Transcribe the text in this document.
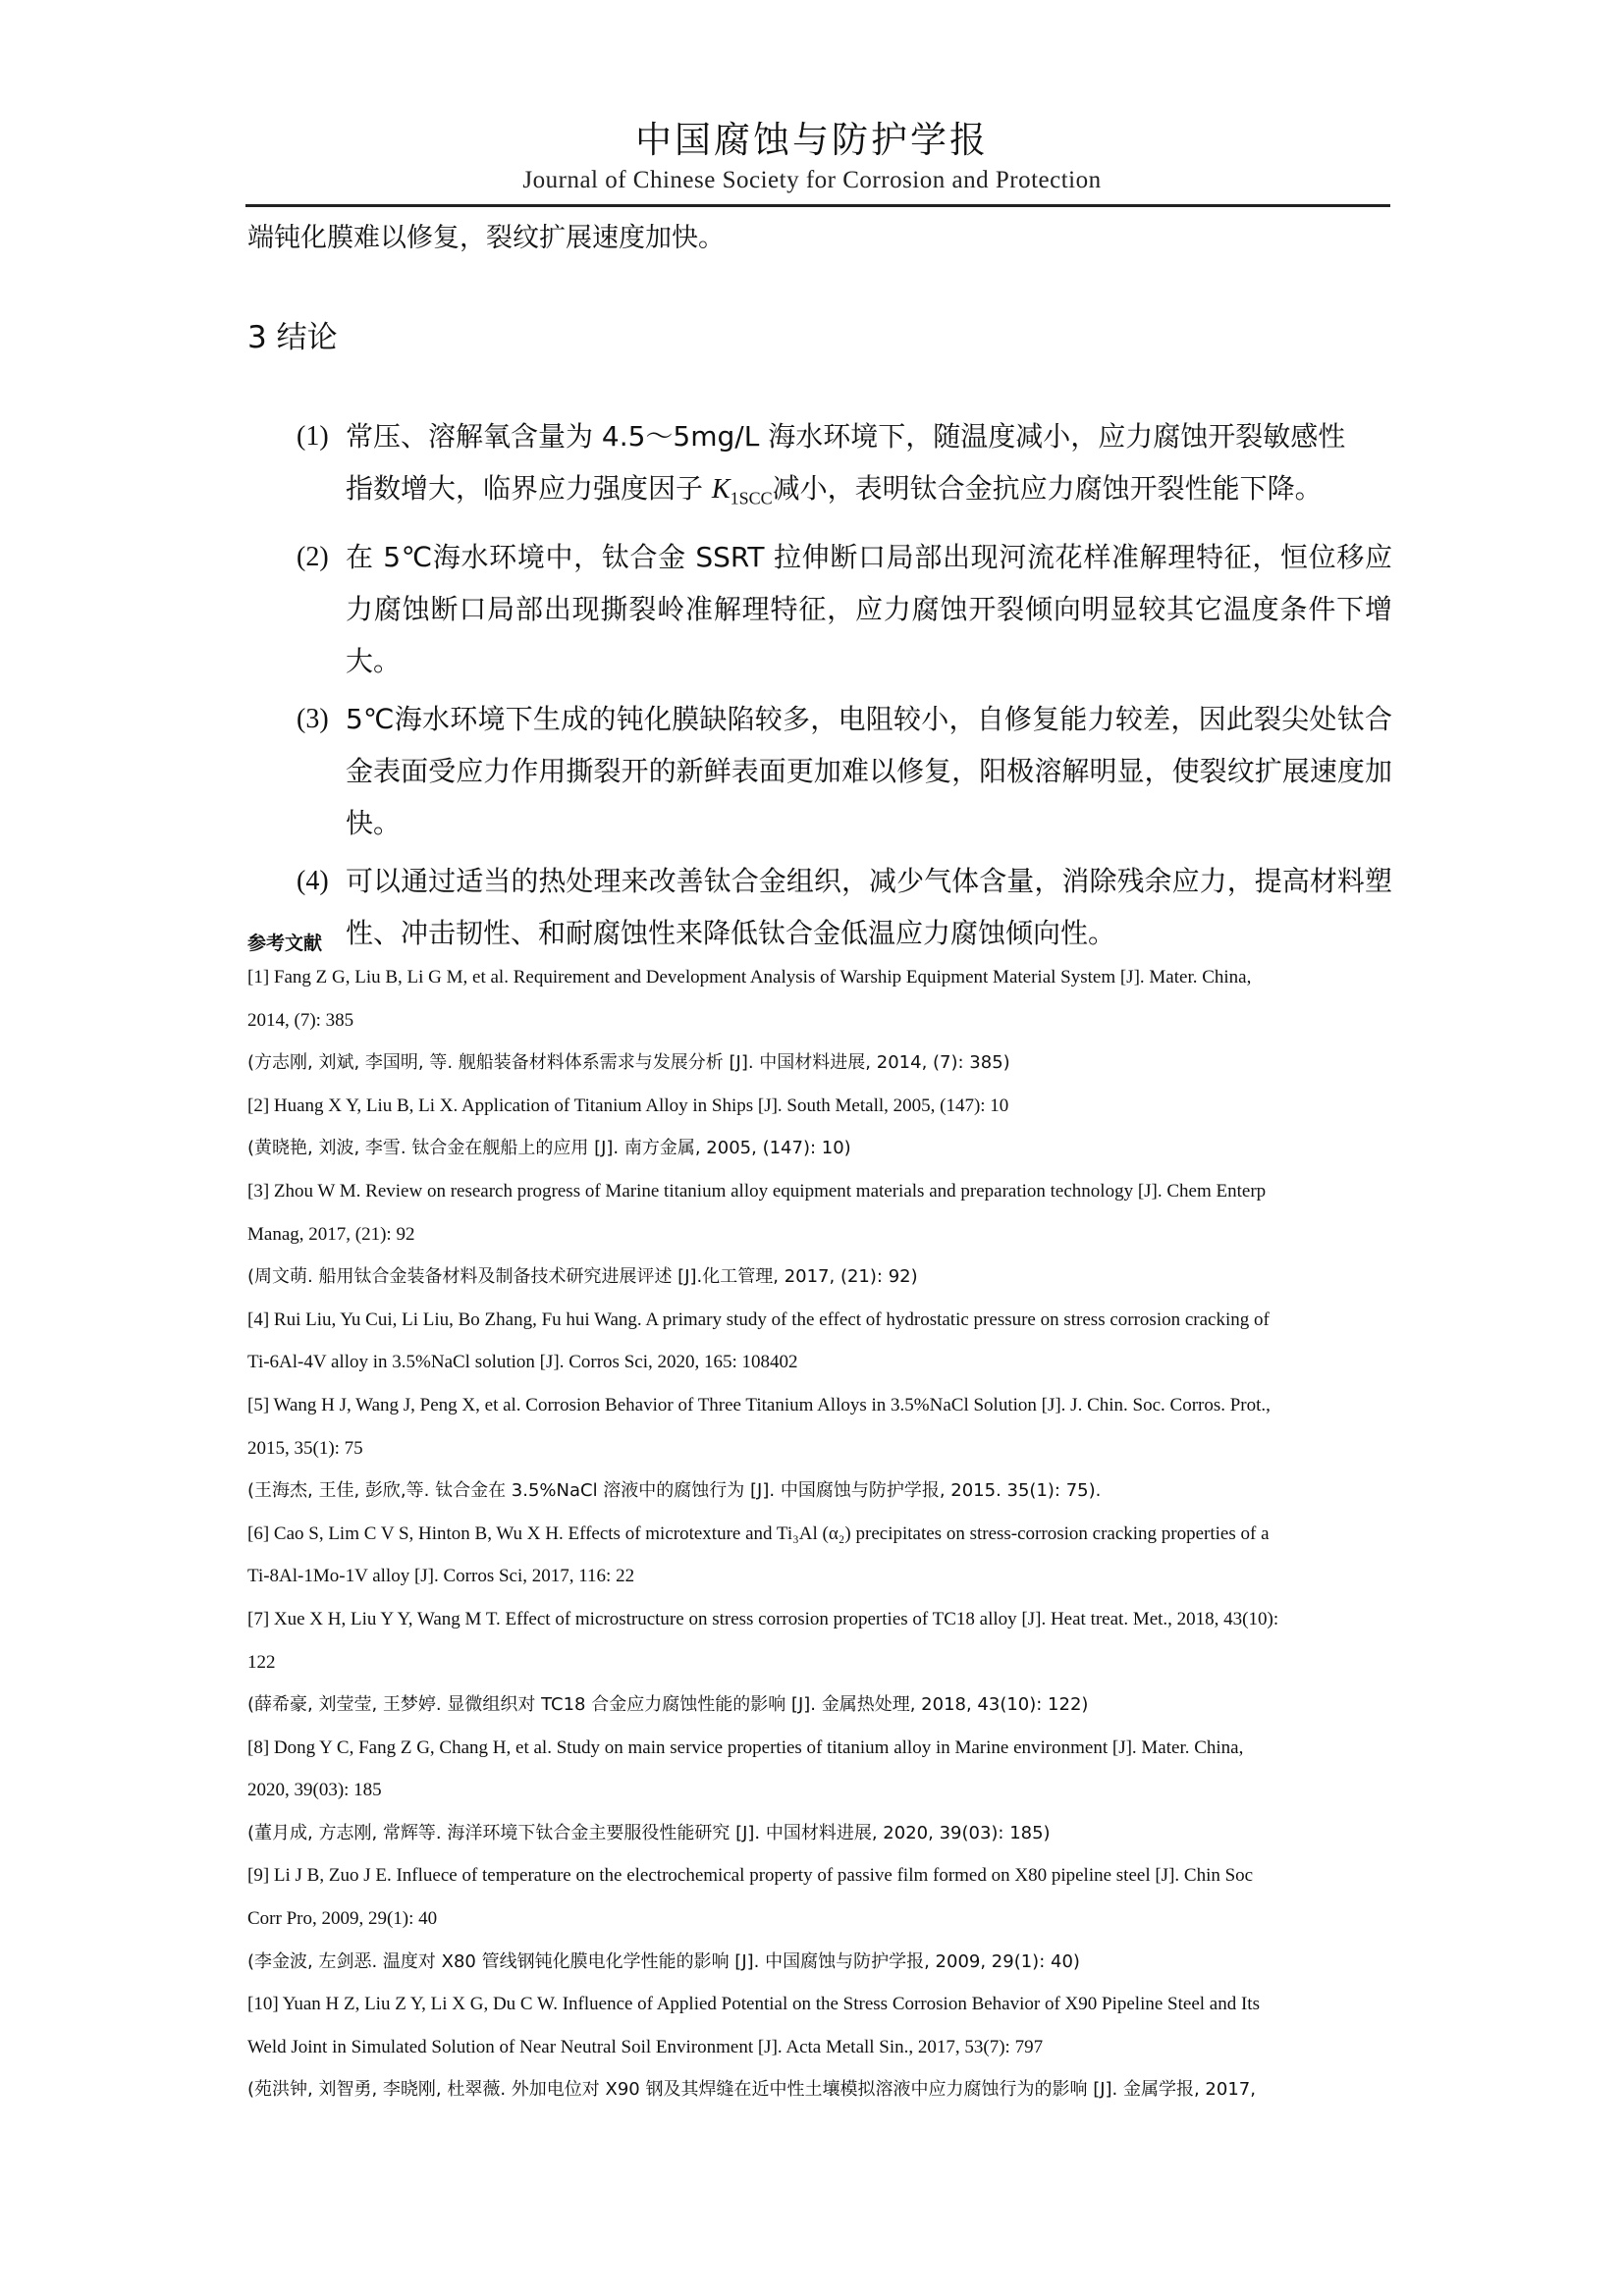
中国腐蚀与防护学报
Journal of Chinese Society for Corrosion and Protection
端钝化膜难以修复，裂纹扩展速度加快。
3 结论
(1) 常压、溶解氧含量为 4.5～5mg/L 海水环境下，随温度减小，应力腐蚀开裂敏感性
指数增大，临界应力强度因子 $K_{1SCC}$减小，表明钛合金抗应力腐蚀开裂性能下降。
(2) 在 5℃海水环境中，钛合金 SSRT 拉伸断口局部出现河流花样准解理特征，恒位移应力腐蚀断口局部出现撕裂岭准解理特征，应力腐蚀开裂倾向明显较其它温度条件下增大。
(3) 5℃海水环境下生成的钝化膜缺陷较多，电阻较小，自修复能力较差，因此裂尖处钛合金表面受应力作用撕裂开的新鲜表面更加难以修复，阳极溶解明显，使裂纹扩展速度加快。
(4) 可以通过适当的热处理来改善钛合金组织，减少气体含量，消除残余应力，提高材料塑性、冲击韧性、和耐腐蚀性来降低钛合金低温应力腐蚀倾向性。
参考文献
[1] Fang Z G, Liu B, Li G M, et al. Requirement and Development Analysis of Warship Equipment Material System [J]. Mater. China,
2014, (7): 385
(方志刚, 刘斌, 李国明, 等. 舰船装备材料体系需求与发展分析 [J]. 中国材料进展, 2014, (7): 385)
[2] Huang X Y, Liu B, Li X. Application of Titanium Alloy in Ships [J]. South Metall, 2005, (147): 10
(黄晓艳, 刘波, 李雪. 钛合金在舰船上的应用 [J]. 南方金属, 2005, (147): 10)
[3] Zhou W M. Review on research progress of Marine titanium alloy equipment materials and preparation technology [J]. Chem Enterp
Manag, 2017, (21): 92
(周文萌. 船用钛合金装备材料及制备技术研究进展评述 [J].化工管理, 2017, (21): 92)
[4] Rui Liu, Yu Cui, Li Liu, Bo Zhang, Fu hui Wang. A primary study of the effect of hydrostatic pressure on stress corrosion cracking of
Ti-6Al-4V alloy in 3.5%NaCl solution [J]. Corros Sci, 2020, 165: 108402
[5] Wang H J, Wang J, Peng X, et al. Corrosion Behavior of Three Titanium Alloys in 3.5%NaCl Solution [J]. J. Chin. Soc. Corros. Prot.,
2015, 35(1): 75
(王海杰, 王佳, 彭欣,等. 钛合金在 3.5%NaCl 溶液中的腐蚀行为 [J]. 中国腐蚀与防护学报, 2015. 35(1): 75).
[6] Cao S, Lim C V S, Hinton B, Wu X H. Effects of microtexture and Ti₃Al (α₂) precipitates on stress-corrosion cracking properties of a
Ti-8Al-1Mo-1V alloy [J]. Corros Sci, 2017, 116: 22
[7] Xue X H, Liu Y Y, Wang M T. Effect of microstructure on stress corrosion properties of TC18 alloy [J]. Heat treat. Met., 2018, 43(10):
122
(薛希豪, 刘莹莹, 王梦婷. 显微组织对 TC18 合金应力腐蚀性能的影响 [J]. 金属热处理, 2018, 43(10): 122)
[8] Dong Y C, Fang Z G, Chang H, et al. Study on main service properties of titanium alloy in Marine environment [J]. Mater. China,
2020, 39(03): 185
(董月成, 方志刚, 常辉等. 海洋环境下钛合金主要服役性能研究 [J]. 中国材料进展, 2020, 39(03): 185)
[9] Li J B, Zuo J E. Influece of temperature on the electrochemical property of passive film formed on X80 pipeline steel [J]. Chin Soc
Corr Pro, 2009, 29(1): 40
(李金波, 左剑恶. 温度对 X80 管线钢钝化膜电化学性能的影响 [J]. 中国腐蚀与防护学报, 2009, 29(1): 40)
[10] Yuan H Z, Liu Z Y, Li X G, Du C W. Influence of Applied Potential on the Stress Corrosion Behavior of X90 Pipeline Steel and Its
Weld Joint in Simulated Solution of Near Neutral Soil Environment [J]. Acta Metall Sin., 2017, 53(7): 797
(苑洪钟, 刘智勇, 李晓刚, 杜翠薇. 外加电位对 X90 钢及其焊缝在近中性土壤模拟溶液中应力腐蚀行为的影响 [J]. 金属学报, 2017,
